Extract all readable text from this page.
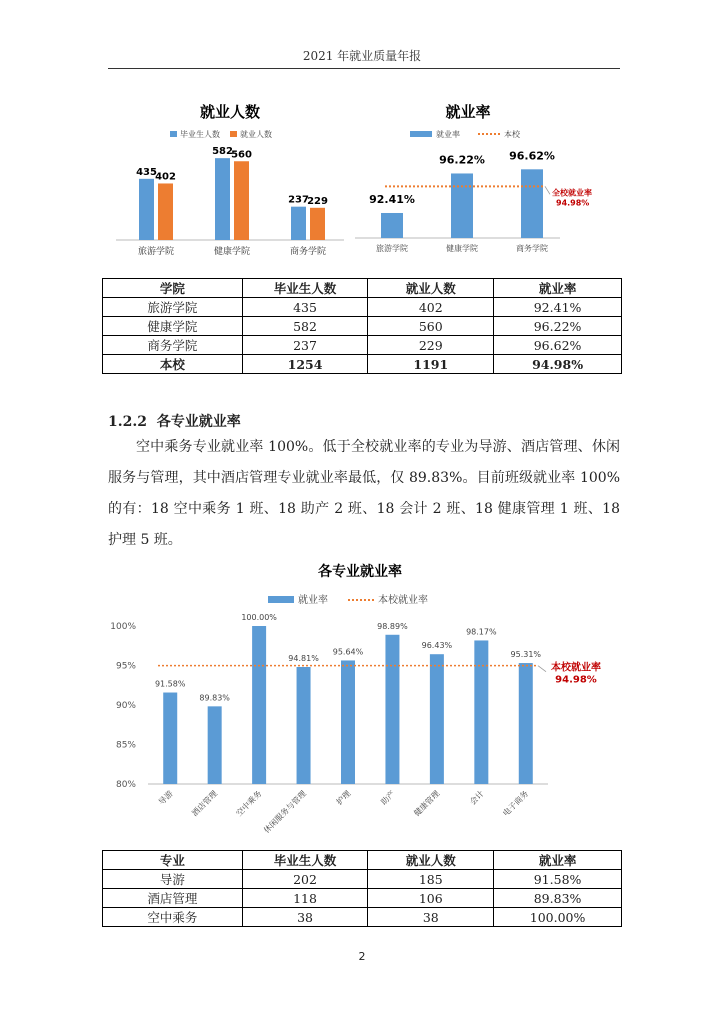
2021 年就业质量年报
就业人数
毕业生人数	就业人数
435
402
旅游学院
582
560
健康学院
237
229
商务学院
就业率
就业率	本校
92.41%
旅游学院
96.22%
健康学院
96.62%
商务学院
全校就业率
94.98%
学院	毕业生人数	就业人数	就业率
旅游学院	435	402	92.41%
健康学院	582	560	96.22%
商务学院	237	229	96.62%
本校	1254	1191	94.98%
1.2.2 各专业就业率
空中乘务专业就业率 100%。低于全校就业率的专业为导游、酒店管理、休闲服务与管理，其中酒店管理专业就业率最低，仅 89.83%。目前班级就业率 100% 的有：18 空中乘务 1 班、18 助产 2 班、18 会计 2 班、18 健康管理 1 班、18 护理 5 班。
各专业就业率
就业率	本校就业率
80%
85%
90%
95%
100%
91.58%
导游
89.83%
酒店管理
100.00%
空中乘务
94.81%
休闲服务与管理
95.64%
护理
98.89%
助产
96.43%
健康管理
98.17%
会计
95.31%
电子商务
本校就业率
94.98%
专业	毕业生人数	就业人数	就业率
导游	202	185	91.58%
酒店管理	118	106	89.83%
空中乘务	38	38	100.00%
2
